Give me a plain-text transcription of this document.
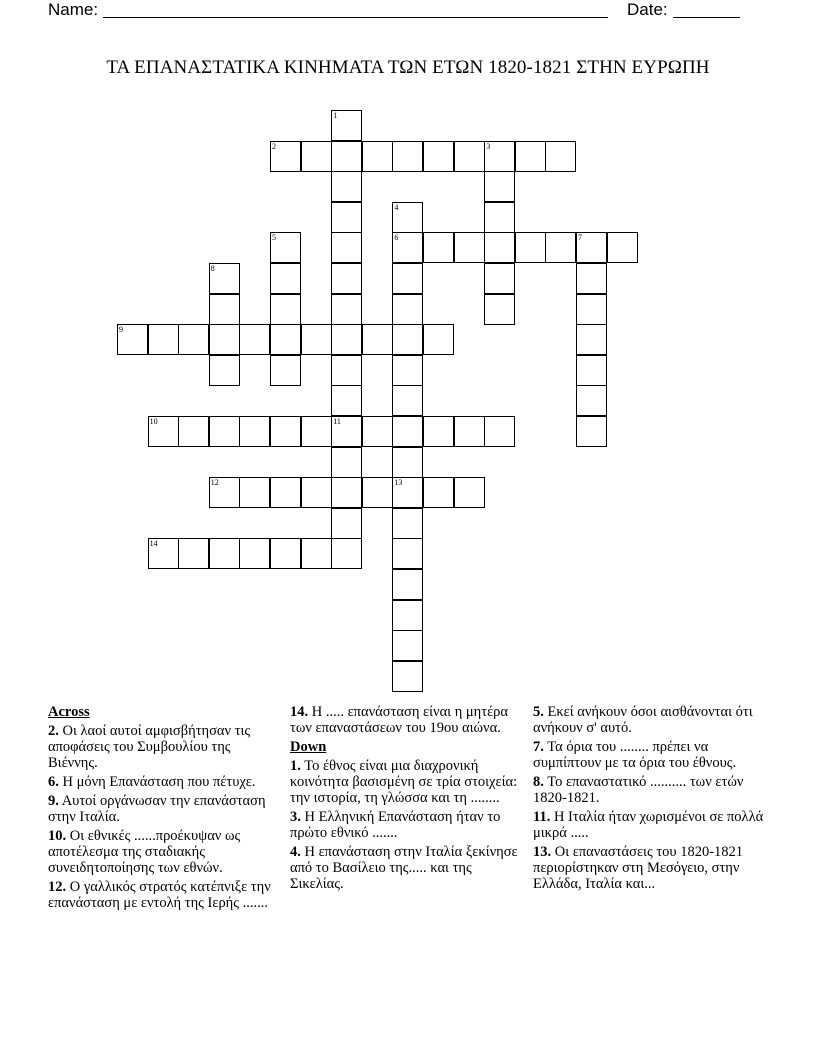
Name:	Date:
ΤΑ ΕΠΑΝΑΣΤΑΤΙΚΑ ΚΙΝΗΜΑΤΑ ΤΩΝ ΕΤΩΝ 1820-1821 ΣΤΗΝ ΕΥΡΩΠΗ
1
11
2	3
4
6
13
5	7
8
9
10
12
14
Across
2. Οι λαοί αυτοί αμφισβήτησαν τις αποφάσεις του Συμβουλίου της Βιέννης.
6. Η μόνη Επανάσταση που πέτυχε.
9. Αυτοί οργάνωσαν την επανάσταση στην Ιταλία.
10. Οι εθνικές ......προέκυψαν ως αποτέλεσμα της σταδιακής συνειδητοποίησης των εθνών.
12. Ο γαλλικός στρατός κατέπνιξε την επανάσταση με εντολή της Ιερής .......
14. Η ..... επανάσταση είναι η μητέρα των επαναστάσεων του 19ου αιώνα.
Down
1. Το έθνος είναι μια διαχρονική κοινότητα βασισμένη σε τρία στοιχεία: την ιστορία, τη γλώσσα και τη ........
3. Η Ελληνική Επανάσταση ήταν το πρώτο εθνικό .......
4. Η επανάσταση στην Ιταλία ξεκίνησε από το Βασίλειο της..... και της Σικελίας.
5. Εκεί ανήκουν όσοι αισθάνονται ότι ανήκουν σ' αυτό.
7. Τα όρια του ........ πρέπει να συμπίπτουν με τα όρια του έθνους.
8. Το επαναστατικό .......... των ετών 1820-1821.
11. Η Ιταλία ήταν χωρισμένοι σε πολλά μικρά .....
13. Οι επαναστάσεις του 1820-1821 περιορίστηκαν στη Μεσόγειο, στην Ελλάδα, Ιταλία και...
